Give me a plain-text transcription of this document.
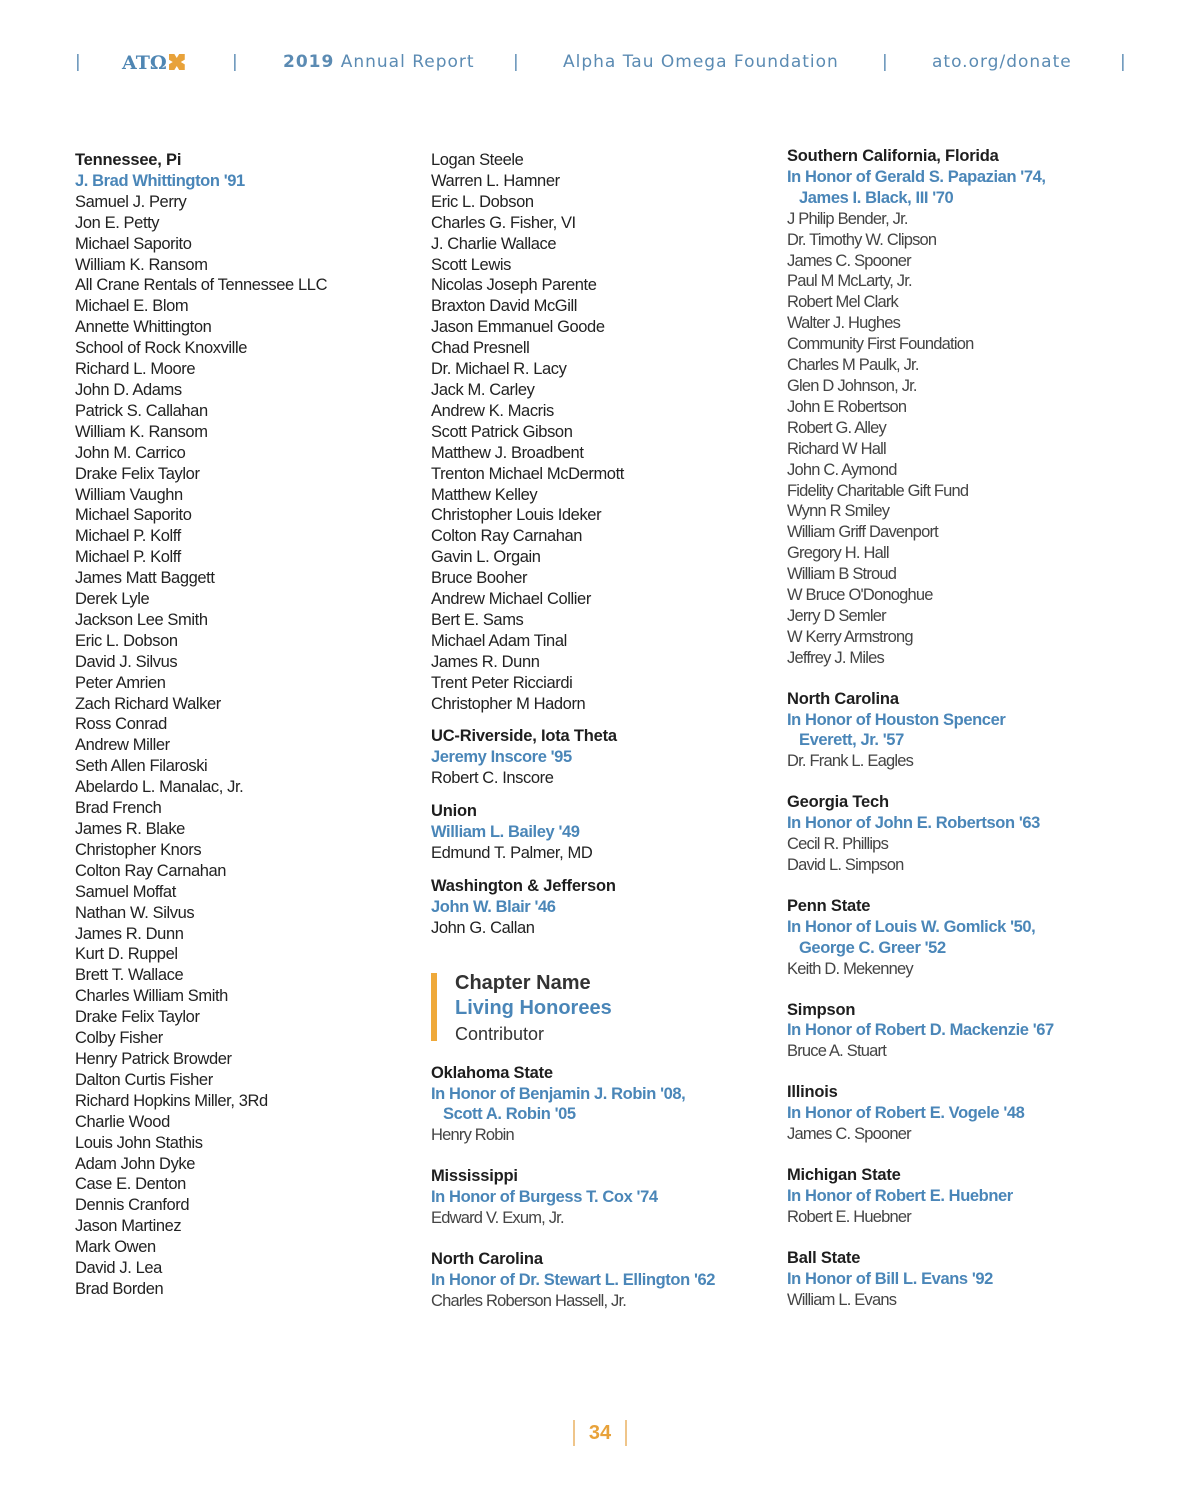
| ATΩ	|	2019 Annual Report |	Alpha Tau Omega Foundation	|	ato.org/donate	|
Tennessee, Pi
J. Brad Whittington '91
Samuel J. Perry
Jon E. Petty
Michael Saporito
William K. Ransom
All Crane Rentals of Tennessee LLC
Michael E. Blom
Annette Whittington
School of Rock Knoxville
Richard L. Moore
John D. Adams
Patrick S. Callahan
William K. Ransom
John M. Carrico
Drake Felix Taylor
William Vaughn
Michael Saporito
Michael P. Kolff
Michael P. Kolff
James Matt Baggett
Derek Lyle
Jackson Lee Smith
Eric L. Dobson
David J. Silvus
Peter Amrien
Zach Richard Walker
Ross Conrad
Andrew Miller
Seth Allen Filaroski
Abelardo L. Manalac, Jr.
Brad French
James R. Blake
Christopher Knors
Colton Ray Carnahan
Samuel Moffat
Nathan W. Silvus
James R. Dunn
Kurt D. Ruppel
Brett T. Wallace
Charles William Smith
Drake Felix Taylor
Colby Fisher
Henry Patrick Browder
Dalton Curtis Fisher
Richard Hopkins Miller, 3Rd
Charlie Wood
Louis John Stathis
Adam John Dyke
Case E. Denton
Dennis Cranford
Jason Martinez
Mark Owen
David J. Lea
Brad Borden
Logan Steele
Warren L. Hamner
Eric L. Dobson
Charles G. Fisher, VI
J. Charlie Wallace
Scott Lewis
Nicolas Joseph Parente
Braxton David McGill
Jason Emmanuel Goode
Chad Presnell
Dr. Michael R. Lacy
Jack M. Carley
Andrew K. Macris
Scott Patrick Gibson
Matthew J. Broadbent
Trenton Michael McDermott
Matthew Kelley
Christopher Louis Ideker
Colton Ray Carnahan
Gavin L. Orgain
Bruce Booher
Andrew Michael Collier
Bert E. Sams
Michael Adam Tinal
James R. Dunn
Trent Peter Ricciardi
Christopher M Hadorn
UC-Riverside, Iota Theta
Jeremy Inscore '95
Robert C. Inscore
Union
William L. Bailey '49
Edmund T. Palmer, MD
Washington & Jefferson
John W. Blair '46
John G. Callan
Chapter Name
Living Honorees
Contributor
Oklahoma State
In Honor of Benjamin J. Robin '08,
Scott A. Robin '05
Henry Robin
Mississippi
In Honor of Burgess T. Cox '74
Edward V. Exum, Jr.
North Carolina
In Honor of Dr. Stewart L. Ellington '62
Charles Roberson Hassell, Jr.
Southern California, Florida
In Honor of Gerald S. Papazian '74,
James I. Black, III '70
J Philip Bender, Jr.
Dr. Timothy W. Clipson
James C. Spooner
Paul M McLarty, Jr.
Robert Mel Clark
Walter J. Hughes
Community First Foundation
Charles M Paulk, Jr.
Glen D Johnson, Jr.
John E Robertson
Robert G. Alley
Richard W Hall
John C. Aymond
Fidelity Charitable Gift Fund
Wynn R Smiley
William Griff Davenport
Gregory H. Hall
William B Stroud
W Bruce O'Donoghue
Jerry D Semler
W Kerry Armstrong
Jeffrey J. Miles
North Carolina
In Honor of Houston Spencer
Everett, Jr. '57
Dr. Frank L. Eagles
Georgia Tech
In Honor of John E. Robertson '63
Cecil R. Phillips
David L. Simpson
Penn State
In Honor of Louis W. Gomlick '50,
George C. Greer '52
Keith D. Mekenney
Simpson
In Honor of Robert D. Mackenzie '67
Bruce A. Stuart
Illinois
In Honor of Robert E. Vogele '48
James C. Spooner
Michigan State
In Honor of Robert E. Huebner
Robert E. Huebner
Ball State
In Honor of Bill L. Evans '92
William L. Evans
34
